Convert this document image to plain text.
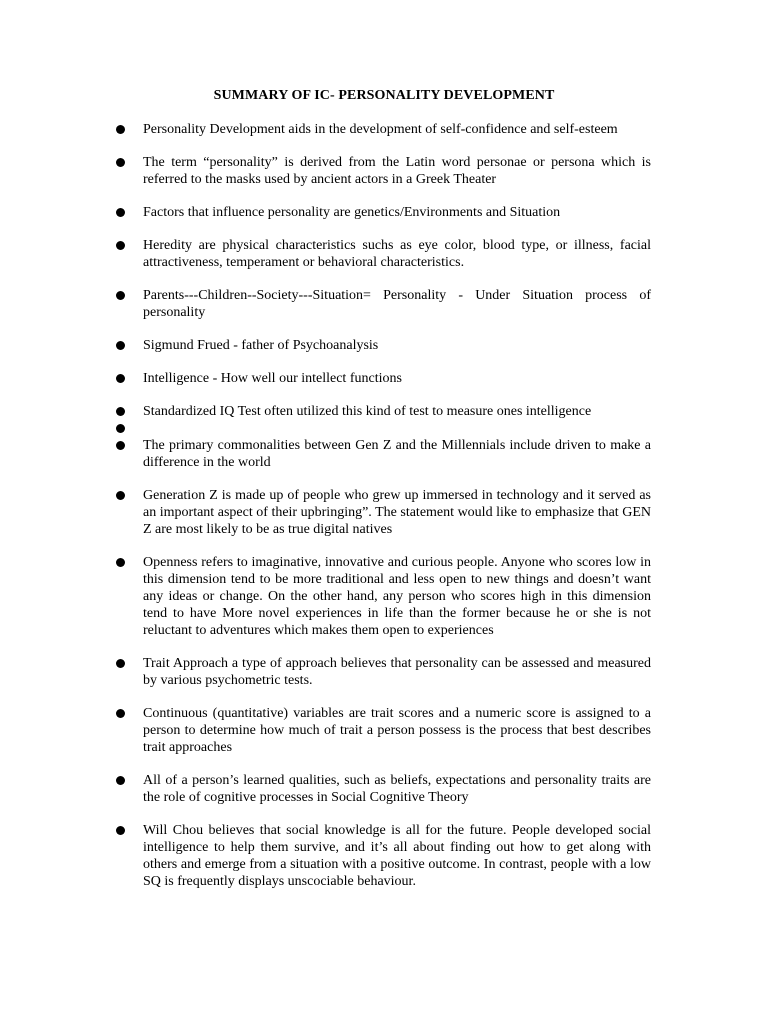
SUMMARY OF IC- PERSONALITY DEVELOPMENT
Personality Development aids in the development of self-confidence and self-esteem
The term “personality” is derived from the Latin word personae or persona which is referred to the masks used by ancient actors in a Greek Theater
Factors that influence personality are genetics/Environments and Situation
Heredity are physical characteristics suchs as eye color, blood type, or illness, facial attractiveness, temperament or behavioral characteristics.
Parents---Children--Society---Situation= Personality - Under Situation process of personality
Sigmund Frued - father of Psychoanalysis
Intelligence - How well our intellect functions
Standardized IQ Test often utilized this kind of test to measure ones intelligence
The primary commonalities between Gen Z and the Millennials include driven to make a difference in the world
Generation Z is made up of people who grew up immersed in technology and it served as an important aspect of their upbringing”. The statement would like to emphasize that GEN Z are most likely to be as true digital natives
Openness refers to imaginative, innovative and curious people. Anyone who scores low in this dimension tend to be more traditional and less open to new things and doesn’t want any ideas or change. On the other hand, any person who scores high in this dimension tend to have More novel experiences in life than the former because he or she is not reluctant to adventures which makes them open to experiences
Trait Approach a type of approach believes that personality can be assessed and measured by various psychometric tests.
Continuous (quantitative) variables are trait scores and a numeric score is assigned to a person to determine how much of trait a person possess is the process that best describes trait approaches
All of a person’s learned qualities, such as beliefs, expectations and personality traits are the role of cognitive processes in Social Cognitive Theory
Will Chou believes that social knowledge is all for the future. People developed social intelligence to help them survive, and it’s all about finding out how to get along with others and emerge from a situation with a positive outcome. In contrast, people with a low SQ is frequently displays unscociable behaviour.
